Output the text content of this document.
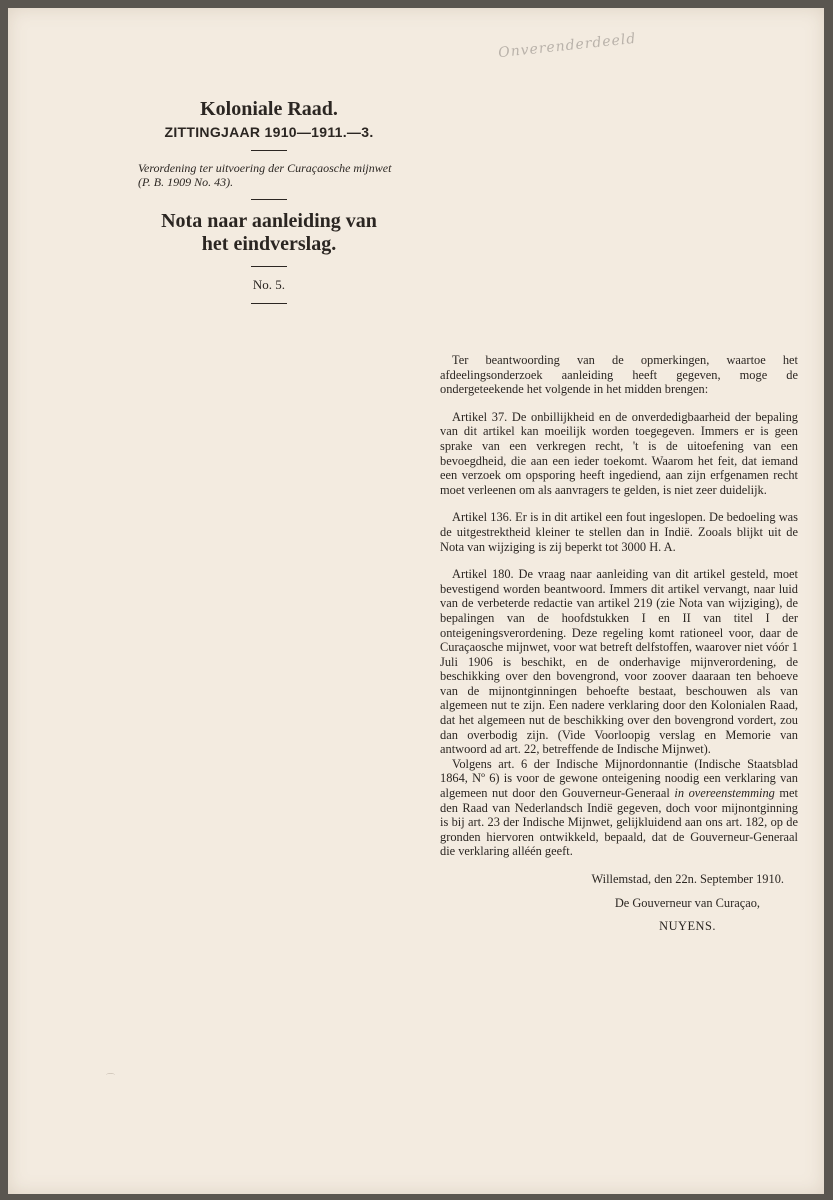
Onverenderdeeld
Koloniale Raad.
ZITTINGJAAR 1910—1911.—3.
Verordening ter uitvoering der Curaçaosche mijnwet (P. B. 1909 No. 43).
Nota naar aanleiding van
het eindverslag.
No. 5.

Ter beantwoording van de opmerkingen, waartoe het afdeelingsonderzoek aanleiding heeft gegeven, moge de ondergeteekende het volgende in het midden brengen:

Artikel 37. De onbillijkheid en de onverdedigbaarheid der bepaling van dit artikel kan moeilijk worden toegegeven. Immers er is geen sprake van een verkregen recht, 't is de uitoefening van een bevoegdheid, die aan een ieder toekomt. Waarom het feit, dat iemand een verzoek om opsporing heeft ingediend, aan zijn erfgenamen recht moet verleenen om als aanvragers te gelden, is niet zeer duidelijk.

Artikel 136. Er is in dit artikel een fout ingeslopen. De bedoeling was de uitgestrektheid kleiner te stellen dan in Indië. Zooals blijkt uit de Nota van wijziging is zij beperkt tot 3000 H. A.

Artikel 180. De vraag naar aanleiding van dit artikel gesteld, moet bevestigend worden beantwoord. Immers dit artikel vervangt, naar luid van de verbeterde redactie van artikel 219 (zie Nota van wijziging), de bepalingen van de hoofdstukken I en II van titel I der onteigeningsverordening. Deze regeling komt rationeel voor, daar de Curaçaosche mijnwet, voor wat betreft delfstoffen, waarover niet vóór 1 Juli 1906 is beschikt, en de onderhavige mijnverordening, de beschikking over den bovengrond, voor zoover daaraan ten behoeve van de mijnontginningen behoefte bestaat, beschouwen als van algemeen nut te zijn. Een nadere verklaring door den Kolonialen Raad, dat het algemeen nut de beschikking over den bovengrond vordert, zou dan overbodig zijn. (Vide Voorloopig verslag en Memorie van antwoord ad art. 22, betreffende de Indische Mijnwet).

Volgens art. 6 der Indische Mijnordonnantie (Indische Staatsblad 1864, Nº 6) is voor de gewone onteigening noodig een verklaring van algemeen nut door den Gouverneur-Generaal in overeenstemming met den Raad van Nederlandsch Indië gegeven, doch voor mijnontginning is bij art. 23 der Indische Mijnwet, gelijkluidend aan ons art. 182, op de gronden hiervoren ontwikkeld, bepaald, dat de Gouverneur-Generaal die verklaring alléén geeft.

Willemstad, den 22n. September 1910.
De Gouverneur van Curaçao,
NUYENS.
⌒
